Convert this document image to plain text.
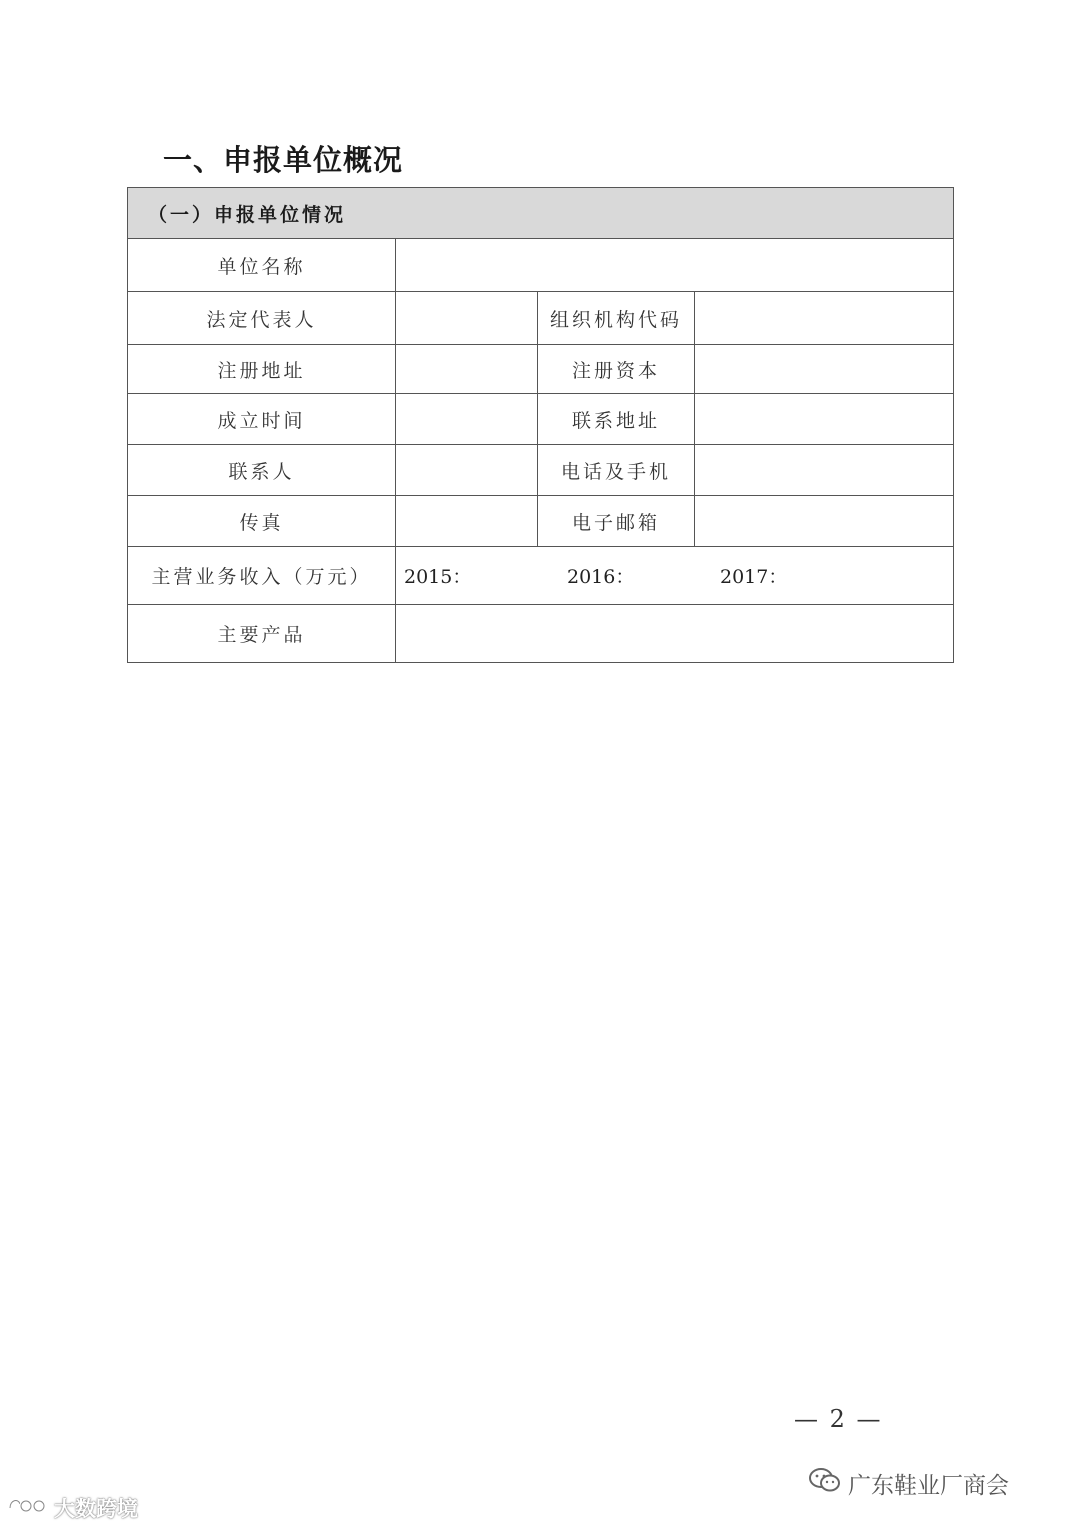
一、申报单位概况
（一）申报单位情况			
单位名称			
法定代表人		组织机构代码	
注册地址		注册资本	
成立时间		联系地址	
联系人		电话及手机	
传真		电子邮箱	
主营业务收入（万元）	2015： 2016： 2017：		

主要产品			
— 2 —
广东鞋业厂商会
大数跨境
